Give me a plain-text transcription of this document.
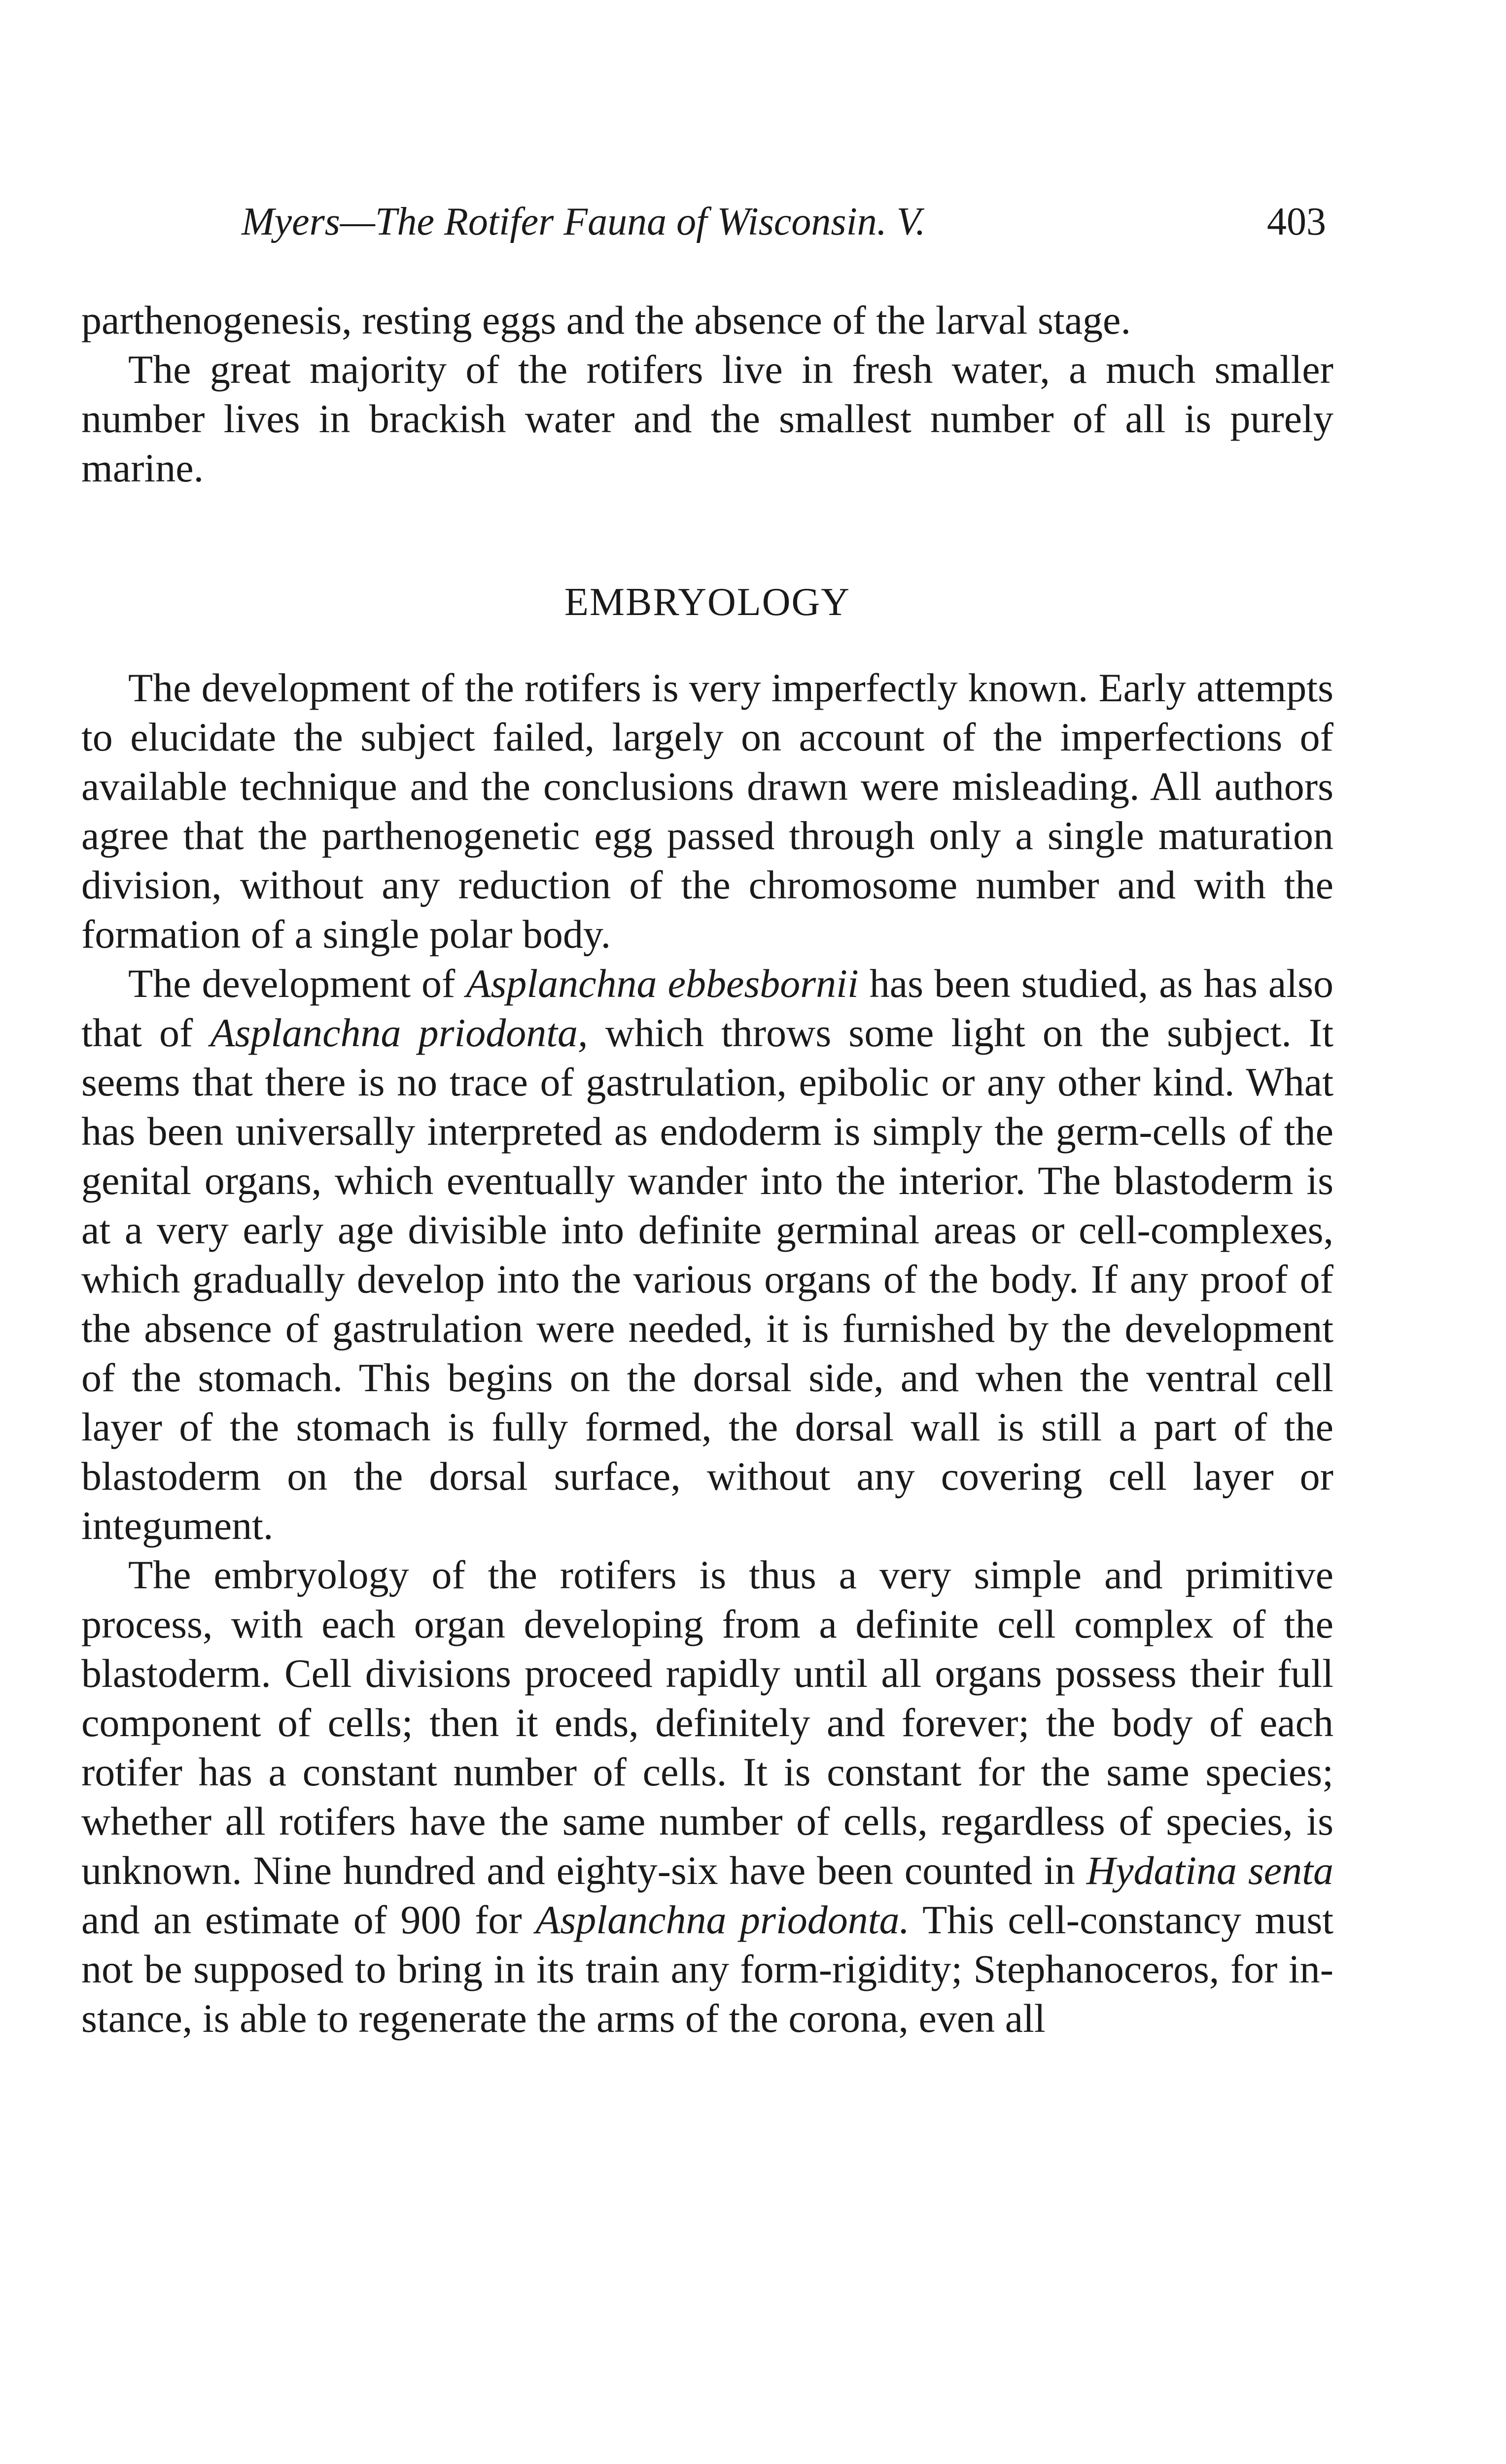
Myers—The Rotifer Fauna of Wisconsin. V.	403

parthenogenesis, resting eggs and the absence of the larval stage.

The great majority of the rotifers live in fresh water, a much smaller number lives in brackish water and the smallest number of all is purely marine.

EMBRYOLOGY

The development of the rotifers is very imperfectly known. Early attempts to elucidate the subject failed, largely on account of the imperfections of available technique and the conclusions drawn were misleading. All authors agree that the parthenogenetic egg passed through only a single maturation division, without any reduction of the chromosome number and with the formation of a single polar body.

The development of Asplanchna ebbesbornii has been studied, as has also that of Asplanchna priodonta, which throws some light on the subject. It seems that there is no trace of gastrulation, epibolic or any other kind. What has been universally interpreted as endoderm is simply the germ-cells of the genital organs, which eventually wander into the interior. The blastoderm is at a very early age divisible into definite germinal areas or cell-complexes, which gradually develop into the various organs of the body. If any proof of the absence of gastrulation were needed, it is furnished by the development of the stomach. This begins on the dorsal side, and when the ventral cell layer of the stomach is fully formed, the dorsal wall is still a part of the blastoderm on the dorsal surface, without any covering cell layer or integument.

The embryology of the rotifers is thus a very simple and primitive process, with each organ developing from a definite cell complex of the blastoderm. Cell divisions proceed rapidly until all organs possess their full component of cells; then it ends, definitely and forever; the body of each rotifer has a constant number of cells. It is constant for the same species; whether all rotifers have the same number of cells, regardless of species, is unknown. Nine hundred and eighty-six have been counted in Hydatina senta and an estimate of 900 for Asplanchna priodonta. This cell-constancy must not be supposed to bring in its train any form-rigidity; Stephanoceros, for instance, is able to regenerate the arms of the corona, even all
